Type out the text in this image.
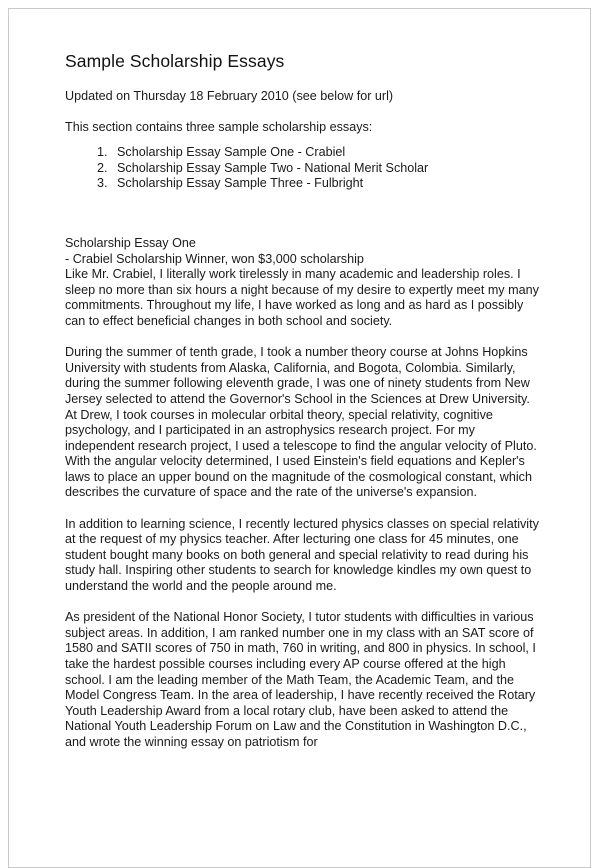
Sample Scholarship Essays

Updated on Thursday 18 February 2010 (see below for url)

This section contains three sample scholarship essays:

1. Scholarship Essay Sample One - Crabiel
2. Scholarship Essay Sample Two - National Merit Scholar
3. Scholarship Essay Sample Three - Fulbright

Scholarship Essay One

- Crabiel Scholarship Winner, won $3,000 scholarship

Like Mr. Crabiel, I literally work tirelessly in many academic and leadership roles. I sleep no more than six hours a night because of my desire to expertly meet my many commitments. Throughout my life, I have worked as long and as hard as I possibly can to effect beneficial changes in both school and society.

During the summer of tenth grade, I took a number theory course at Johns Hopkins University with students from Alaska, California, and Bogota, Colombia. Similarly, during the summer following eleventh grade, I was one of ninety students from New Jersey selected to attend the Governor's School in the Sciences at Drew University. At Drew, I took courses in molecular orbital theory, special relativity, cognitive psychology, and I participated in an astrophysics research project. For my independent research project, I used a telescope to find the angular velocity of Pluto. With the angular velocity determined, I used Einstein's field equations and Kepler's laws to place an upper bound on the magnitude of the cosmological constant, which describes the curvature of space and the rate of the universe's expansion.

In addition to learning science, I recently lectured physics classes on special relativity at the request of my physics teacher. After lecturing one class for 45 minutes, one student bought many books on both general and special relativity to read during his study hall. Inspiring other students to search for knowledge kindles my own quest to understand the world and the people around me.

As president of the National Honor Society, I tutor students with difficulties in various subject areas. In addition, I am ranked number one in my class with an SAT score of 1580 and SATII scores of 750 in math, 760 in writing, and 800 in physics. In school, I take the hardest possible courses including every AP course offered at the high school. I am the leading member of the Math Team, the Academic Team, and the Model Congress Team. In the area of leadership, I have recently received the Rotary Youth Leadership Award from a local rotary club, have been asked to attend the National Youth Leadership Forum on Law and the Constitution in Washington D.C., and wrote the winning essay on patriotism for
